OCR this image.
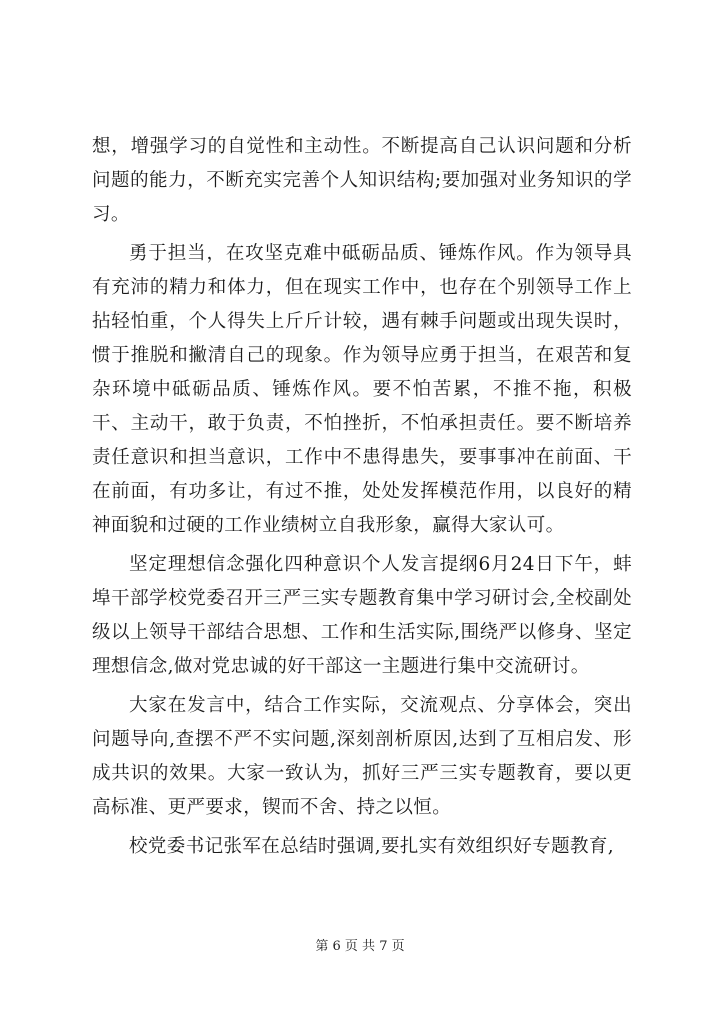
想，增强学习的自觉性和主动性。不断提高自己认识问题和分析问题的能力，不断充实完善个人知识结构;要加强对业务知识的学习。

勇于担当，在攻坚克难中砥砺品质、锤炼作风。作为领导具有充沛的精力和体力，但在现实工作中，也存在个别领导工作上拈轻怕重，个人得失上斤斤计较，遇有棘手问题或出现失误时，惯于推脱和撇清自己的现象。作为领导应勇于担当，在艰苦和复杂环境中砥砺品质、锤炼作风。要不怕苦累，不推不拖，积极干、主动干，敢于负责，不怕挫折，不怕承担责任。要不断培养责任意识和担当意识，工作中不患得患失，要事事冲在前面、干在前面，有功多让，有过不推，处处发挥模范作用，以良好的精神面貌和过硬的工作业绩树立自我形象，赢得大家认可。

坚定理想信念强化四种意识个人发言提纲6月24日下午，蚌埠干部学校党委召开三严三实专题教育集中学习研讨会,全校副处级以上领导干部结合思想、工作和生活实际,围绕严以修身、坚定理想信念,做对党忠诚的好干部这一主题进行集中交流研讨。

大家在发言中，结合工作实际，交流观点、分享体会，突出问题导向,查摆不严不实问题,深刻剖析原因,达到了互相启发、形成共识的效果。大家一致认为，抓好三严三实专题教育，要以更高标准、更严要求，锲而不舍、持之以恒。

校党委书记张军在总结时强调,要扎实有效组织好专题教育,

第 6 页 共 7 页
